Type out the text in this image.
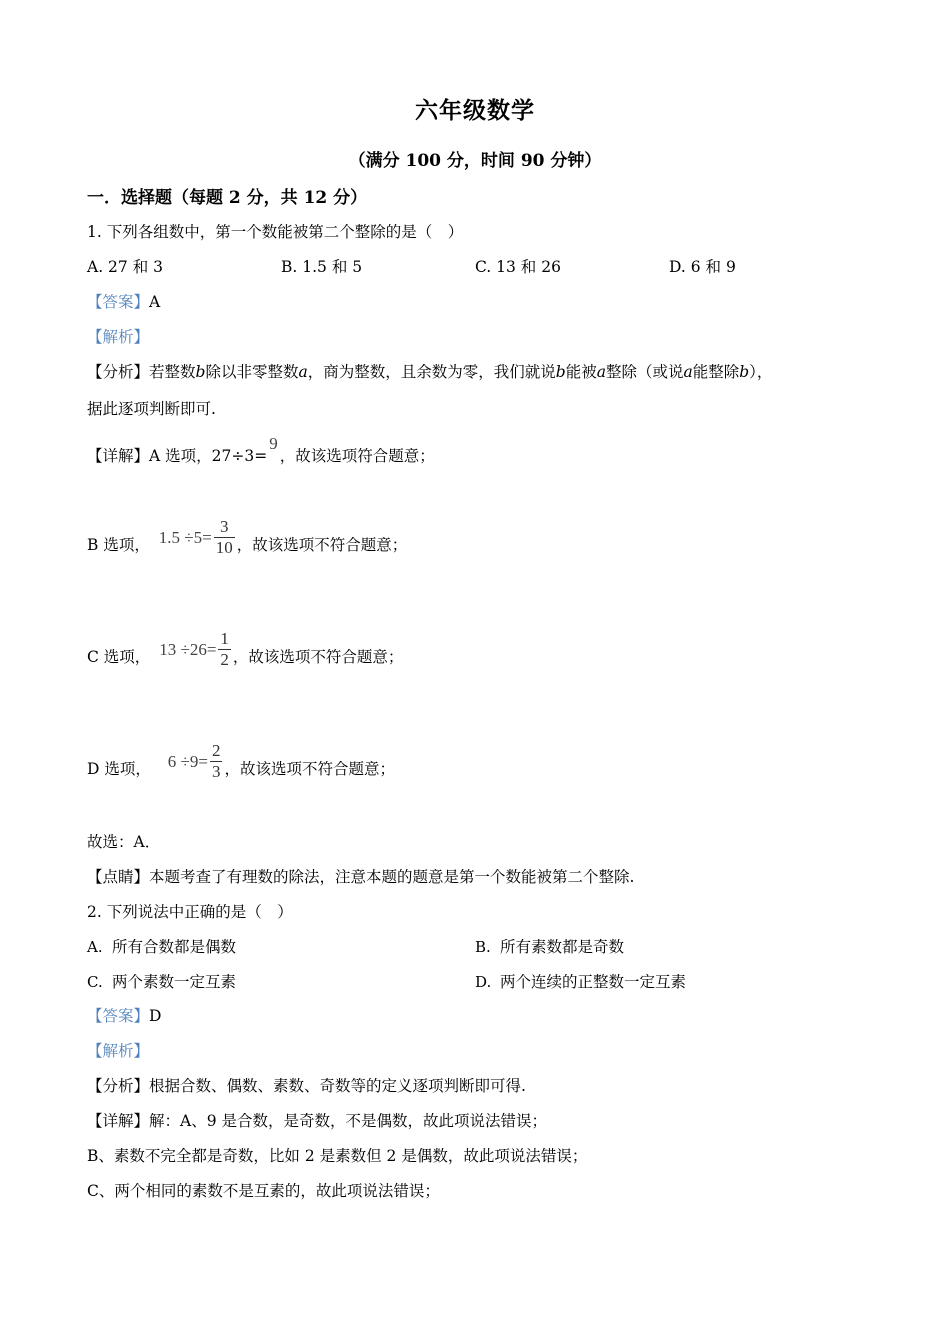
六年级数学
（满分 100 分，时间 90 分钟）
一．选择题（每题 2 分，共 12 分）
1. 下列各组数中，第一个数能被第二个整除的是（　）
A. 27 和 3	B. 1.5 和 5	C. 13 和 26	D. 6 和 9
【答案】A
【解析】
【分析】若整数b除以非零整数a，商为整数，且余数为零，我们就说b能被a整除（或说a能整除b），
据此逐项判断即可.
【详解】A 选项，27÷3=9，故该选项符合题意；
B 选项， $1.5 \div 5= \frac{3}{10}$ ，故该选项不符合题意；
C 选项， $13 \div 26= \frac{1}{2}$ ，故该选项不符合题意；
D 选项， $6 \div 9= \frac{2}{3}$ ，故该选项不符合题意；
故选：A．
【点睛】本题考查了有理数的除法，注意本题的题意是第一个数能被第二个整除.
2. 下列说法中正确的是（　）
A. 所有合数都是偶数	B. 所有素数都是奇数
C. 两个素数一定互素	D. 两个连续的正整数一定互素
【答案】D
【解析】
【分析】根据合数、偶数、素数、奇数等的定义逐项判断即可得.
【详解】解：A、9 是合数，是奇数，不是偶数，故此项说法错误；
B、素数不完全都是奇数，比如 2 是素数但 2 是偶数，故此项说法错误；
C、两个相同的素数不是互素的，故此项说法错误；
